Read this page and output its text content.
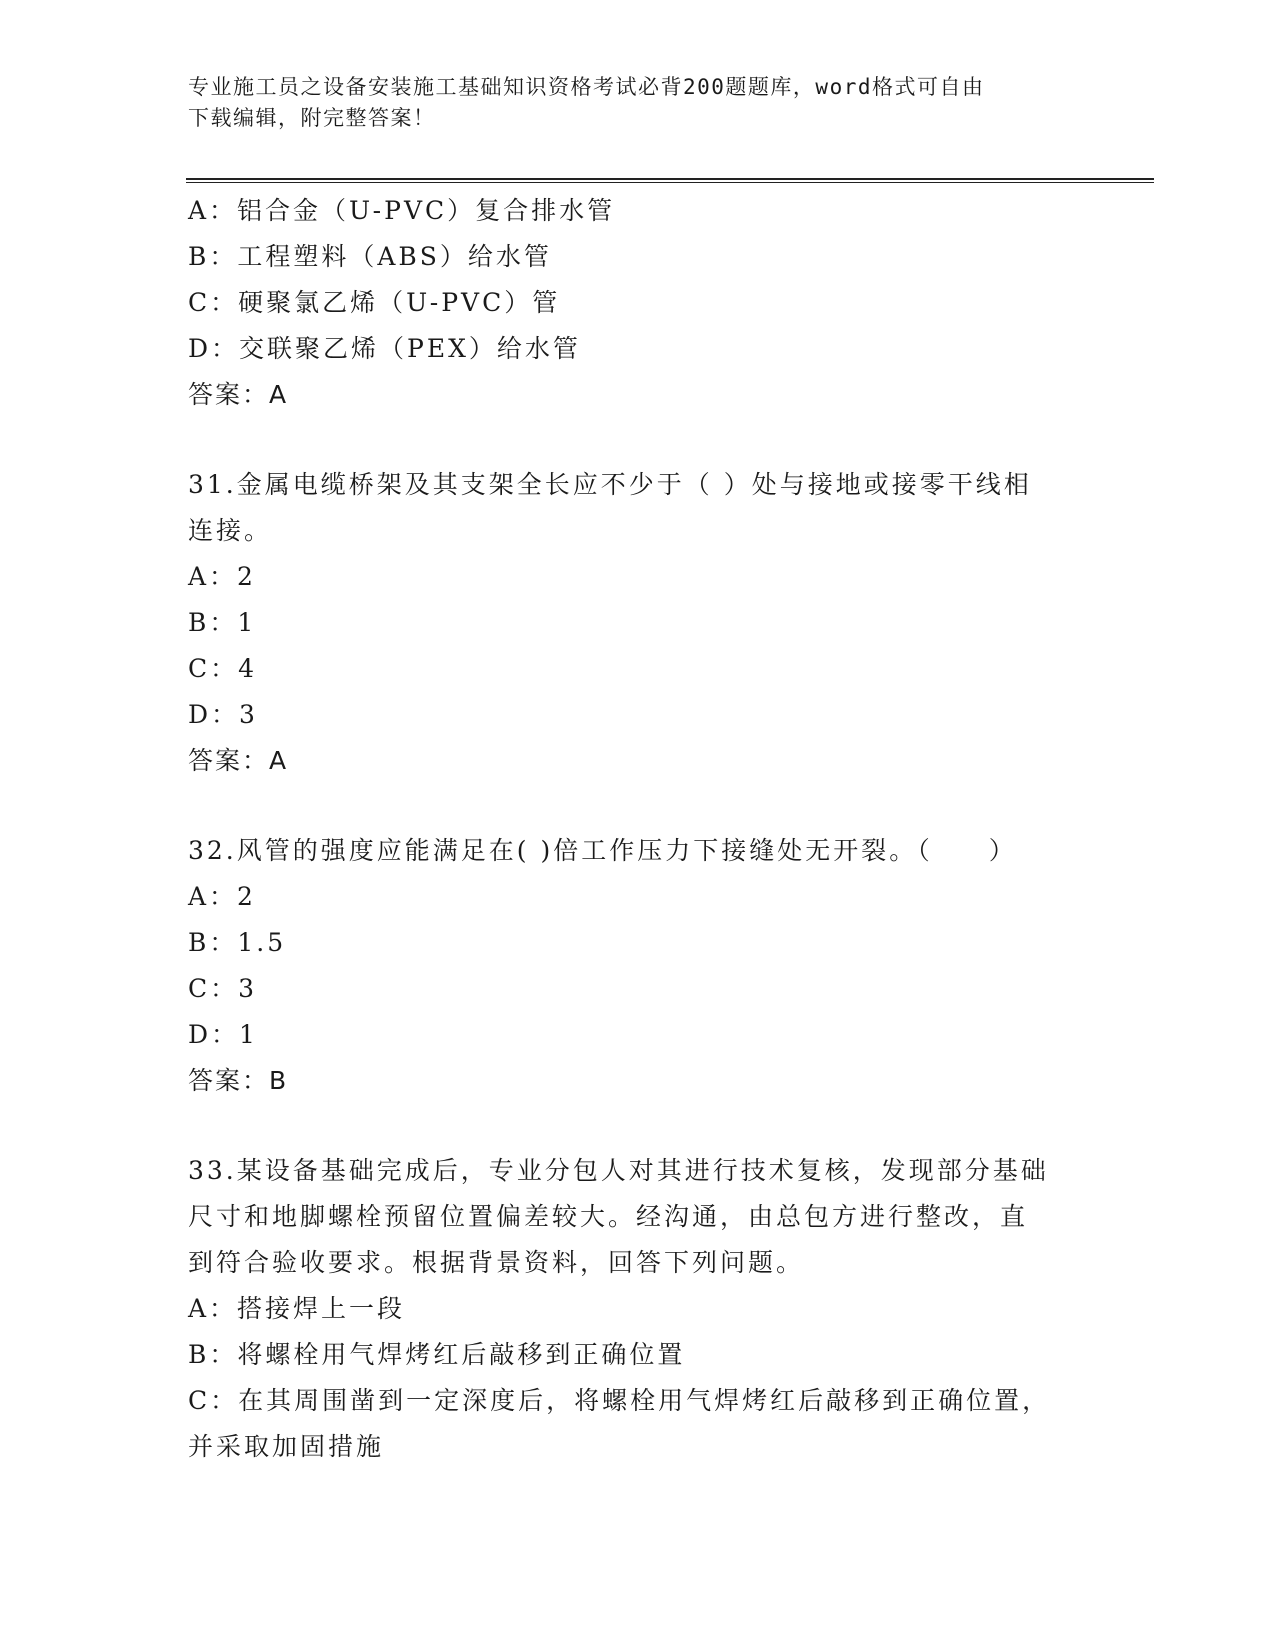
专业施工员之设备安装施工基础知识资格考试必背200题题库，word格式可自由
下载编辑，附完整答案！
A：铝合金（U-PVC）复合排水管
B：工程塑料（ABS）给水管
C：硬聚氯乙烯（U-PVC）管
D：交联聚乙烯（PEX）给水管
答案：A
31.金属电缆桥架及其支架全长应不少于（ ）处与接地或接零干线相
连接。
A：2
B：1
C：4
D：3
答案：A
32.风管的强度应能满足在( )倍工作压力下接缝处无开裂。（　　）
A：2
B：1.5
C：3
D：1
答案：B
33.某设备基础完成后，专业分包人对其进行技术复核，发现部分基础
尺寸和地脚螺栓预留位置偏差较大。经沟通，由总包方进行整改，直
到符合验收要求。根据背景资料，回答下列问题。
A：搭接焊上一段
B：将螺栓用气焊烤红后敲移到正确位置
C：在其周围凿到一定深度后，将螺栓用气焊烤红后敲移到正确位置，
并采取加固措施
